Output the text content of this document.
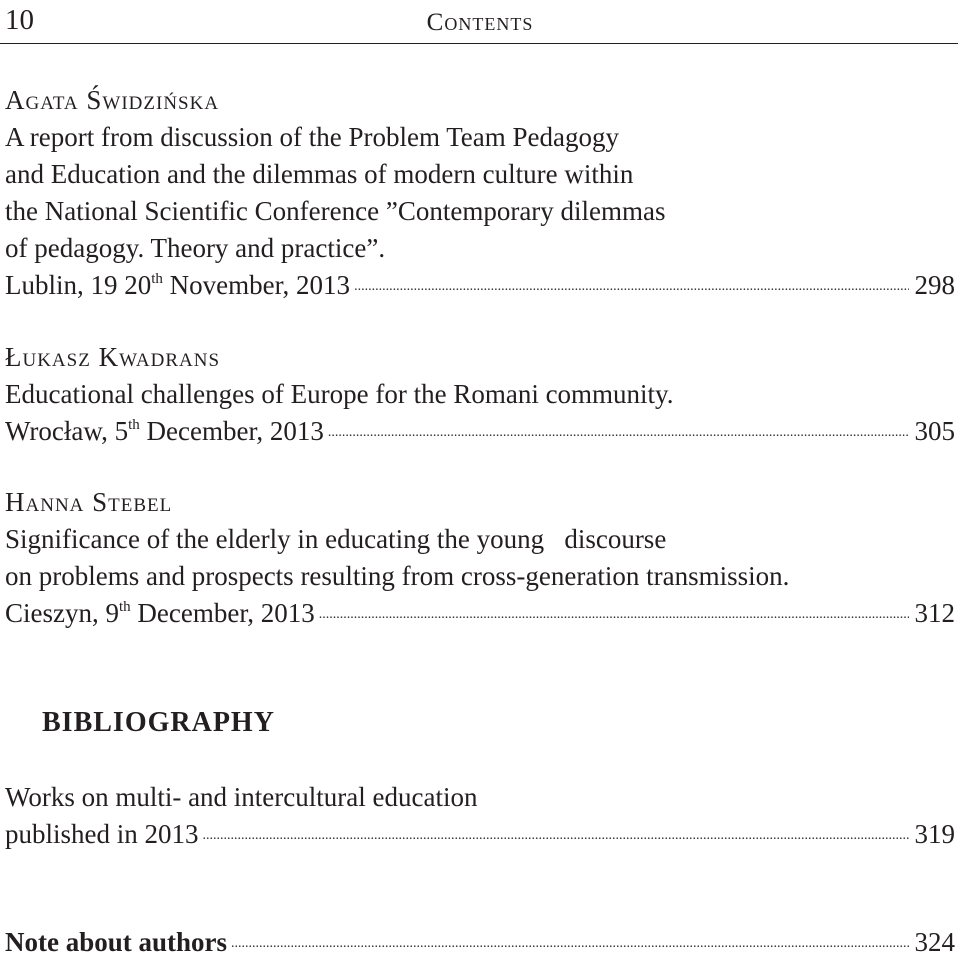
10	Contents
Agata Świdzińska
A report from discussion of the Problem Team Pedagogy
and Education and the dilemmas of modern culture within
the National Scientific Conference ”Contemporary dilemmas
of pedagogy. Theory and practice”.
Lublin, 19 20th November, 2013 .....	298
Łukasz Kwadrans
Educational challenges of Europe for the Romani community.
Wrocław, 5th December, 2013 .....	305
Hanna Stebel
Significance of the elderly in educating the young   discourse
on problems and prospects resulting from cross-generation transmission.
Cieszyn, 9th December, 2013 .....	312
BIBLIOGRAPHY
Works on multi- and intercultural education
published in 2013 .....	319
Note about authors .....	324
